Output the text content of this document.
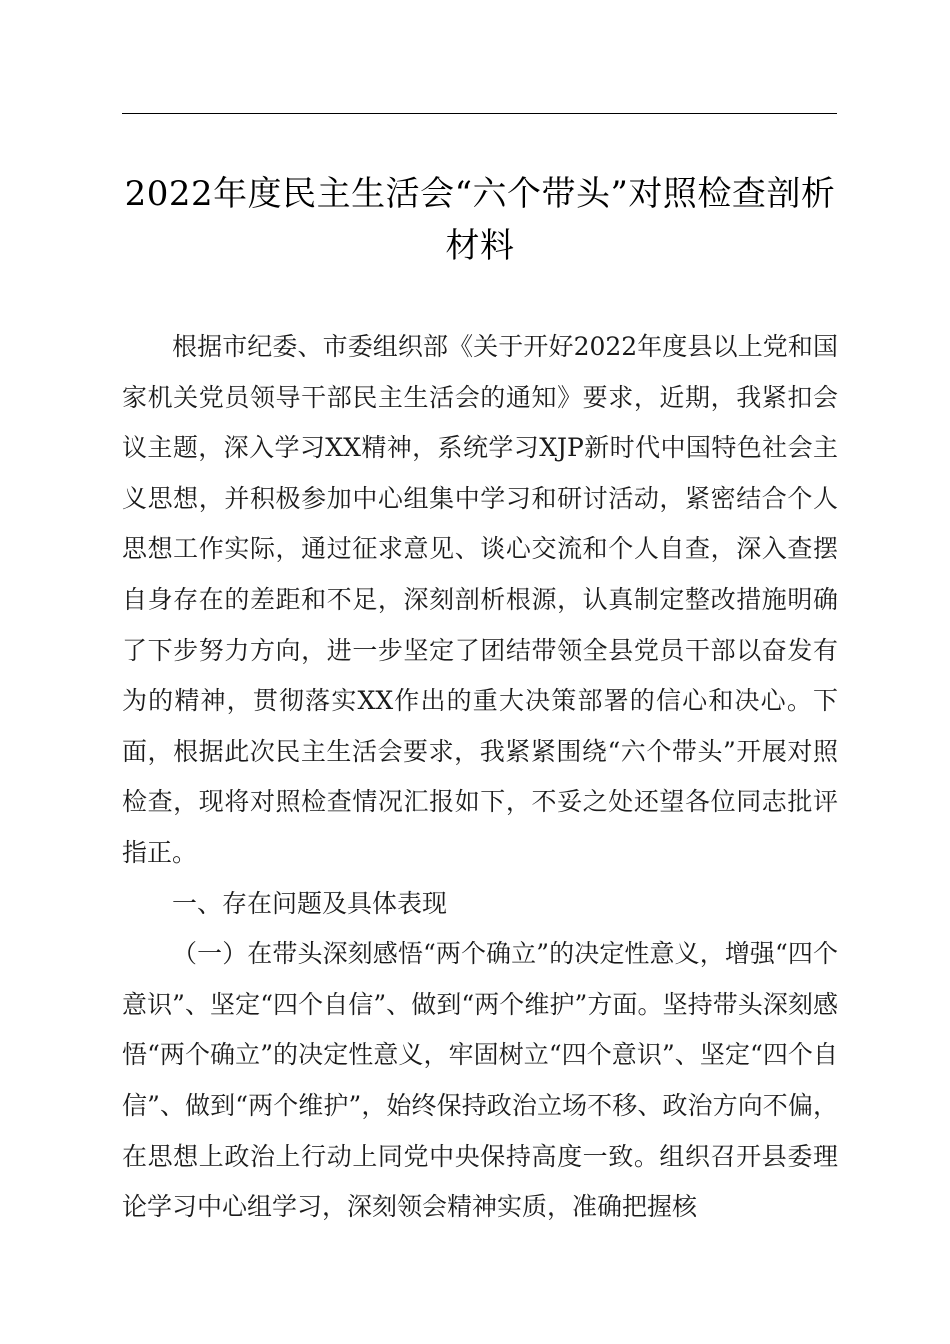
2022年度民主生活会“六个带头”对照检查剖析材料

根据市纪委、市委组织部《关于开好2022年度县以上党和国家机关党员领导干部民主生活会的通知》要求，近期，我紧扣会议主题，深入学习XX精神，系统学习XJP新时代中国特色社会主义思想，并积极参加中心组集中学习和研讨活动，紧密结合个人思想工作实际，通过征求意见、谈心交流和个人自查，深入查摆自身存在的差距和不足，深刻剖析根源，认真制定整改措施明确了下步努力方向，进一步坚定了团结带领全县党员干部以奋发有为的精神，贯彻落实XX作出的重大决策部署的信心和决心。下面，根据此次民主生活会要求，我紧紧围绕“六个带头”开展对照检查，现将对照检查情况汇报如下，不妥之处还望各位同志批评指正。

一、存在问题及具体表现

（一）在带头深刻感悟“两个确立”的决定性意义，增强“四个意识”、坚定“四个自信”、做到“两个维护”方面。坚持带头深刻感悟“两个确立”的决定性意义，牢固树立“四个意识”、坚定“四个自信”、做到“两个维护”，始终保持政治立场不移、政治方向不偏，在思想上政治上行动上同党中央保持高度一致。组织召开县委理论学习中心组学习，深刻领会精神实质，准确把握核
